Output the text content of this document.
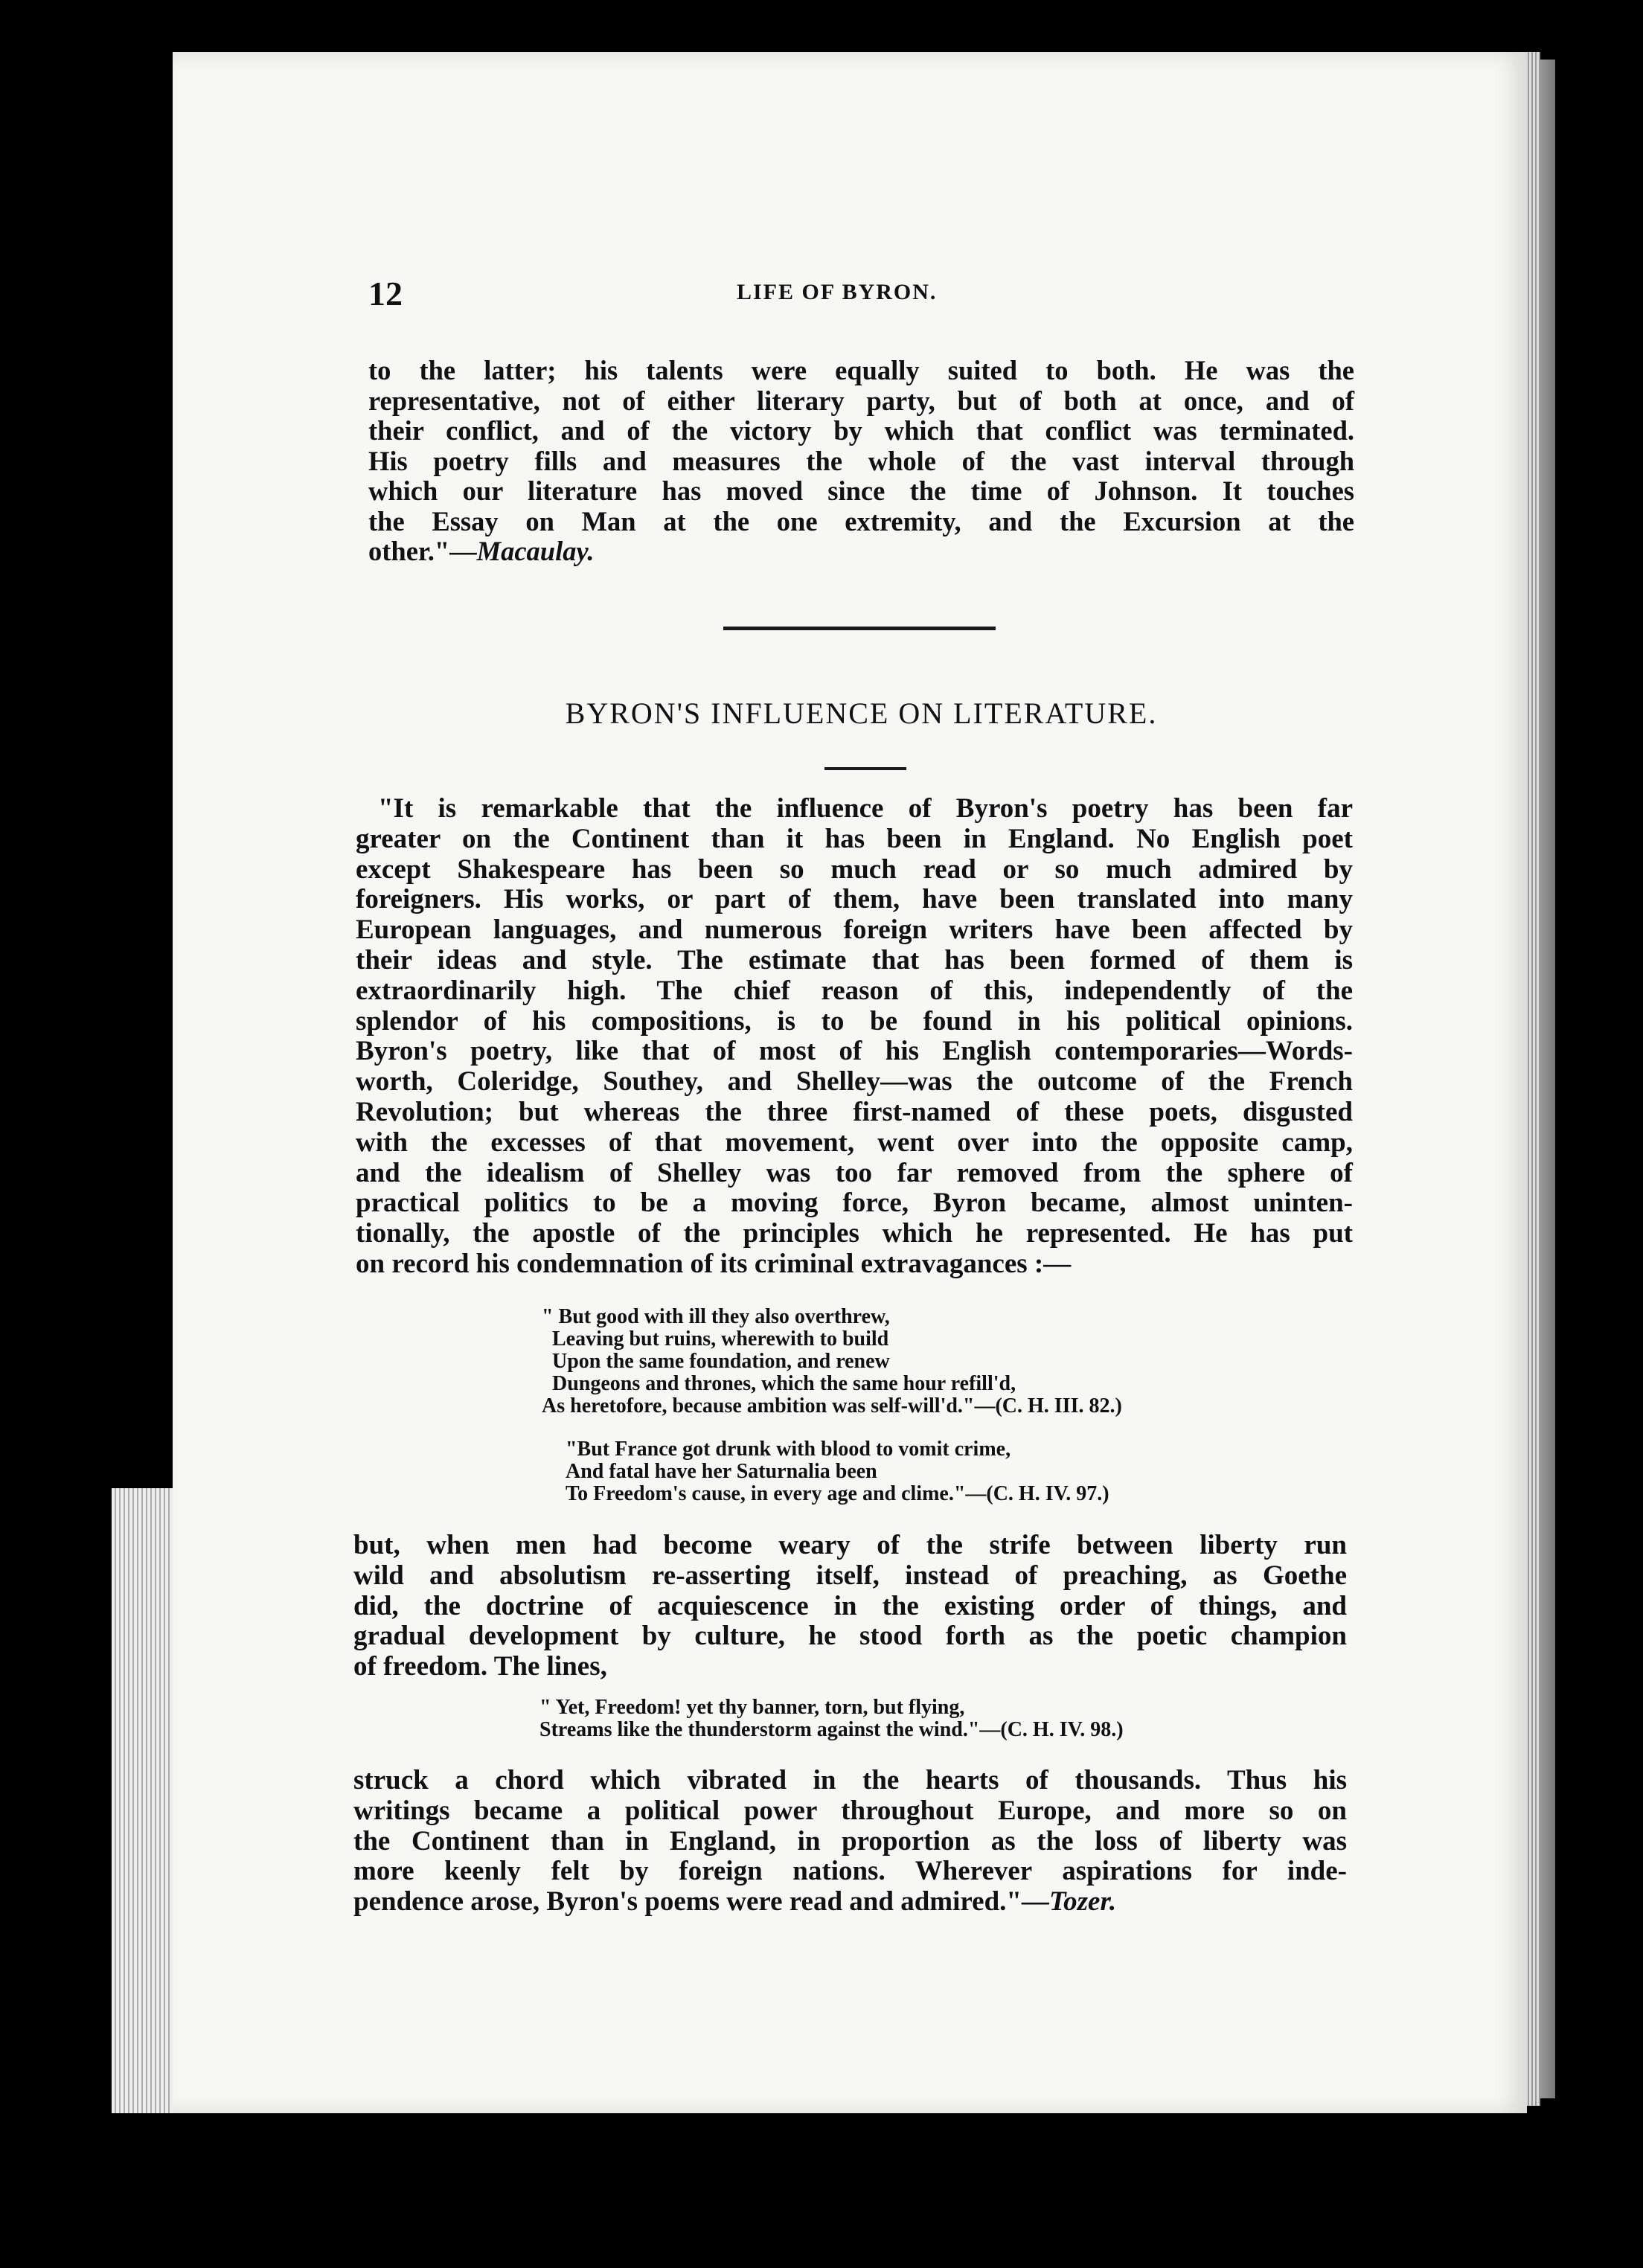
12	LIFE OF BYRON.
to the latter; his talents were equally suited to both. He was the
representative, not of either literary party, but of both at once, and of
their conflict, and of the victory by which that conflict was terminated.
His poetry fills and measures the whole of the vast interval through
which our literature has moved since the time of Johnson. It touches
the Essay on Man at the one extremity, and the Excursion at the
other."—Macaulay.
BYRON'S INFLUENCE ON LITERATURE.
"It is remarkable that the influence of Byron's poetry has been far
greater on the Continent than it has been in England. No English poet
except Shakespeare has been so much read or so much admired by
foreigners. His works, or part of them, have been translated into many
European languages, and numerous foreign writers have been affected by
their ideas and style. The estimate that has been formed of them is
extraordinarily high. The chief reason of this, independently of the
splendor of his compositions, is to be found in his political opinions.
Byron's poetry, like that of most of his English contemporaries—Words-
worth, Coleridge, Southey, and Shelley—was the outcome of the French
Revolution; but whereas the three first-named of these poets, disgusted
with the excesses of that movement, went over into the opposite camp,
and the idealism of Shelley was too far removed from the sphere of
practical politics to be a moving force, Byron became, almost uninten-
tionally, the apostle of the principles which he represented. He has put
on record his condemnation of its criminal extravagances :—
" But good with ill they also overthrew,
Leaving but ruins, wherewith to build
Upon the same foundation, and renew
Dungeons and thrones, which the same hour refill'd,
As heretofore, because ambition was self-will'd."—(C. H. III. 82.)
"But France got drunk with blood to vomit crime,
And fatal have her Saturnalia been
To Freedom's cause, in every age and clime."—(C. H. IV. 97.)
but, when men had become weary of the strife between liberty run
wild and absolutism re-asserting itself, instead of preaching, as Goethe
did, the doctrine of acquiescence in the existing order of things, and
gradual development by culture, he stood forth as the poetic champion
of freedom. The lines,
" Yet, Freedom! yet thy banner, torn, but flying,
Streams like the thunderstorm against the wind."—(C. H. IV. 98.)
struck a chord which vibrated in the hearts of thousands. Thus his
writings became a political power throughout Europe, and more so on
the Continent than in England, in proportion as the loss of liberty was
more keenly felt by foreign nations. Wherever aspirations for inde-
pendence arose, Byron's poems were read and admired."—Tozer.
